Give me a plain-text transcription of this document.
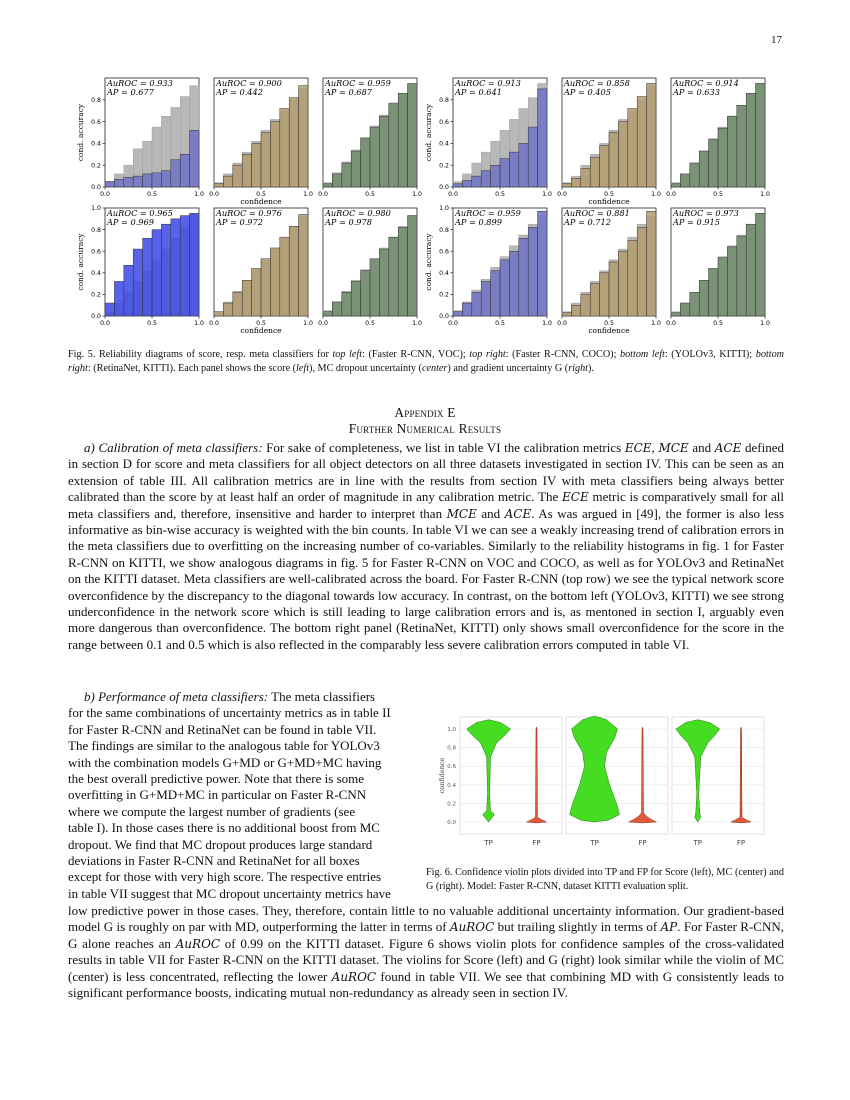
17
AuROC = 0.933
AP = 0.677
0.0	0.5	1.0
0.0
0.2
0.4
0.6
0.8
cond. accuracy
AuROC = 0.900
AP = 0.442
0.0	0.5	1.0
confidence
AuROC = 0.959
AP = 0.687
0.0	0.5	1.0
AuROC = 0.913
AP = 0.641
0.0	0.5	1.0
0.0
0.2
0.4
0.6
0.8
cond. accuracy
AuROC = 0.858
AP = 0.405
0.0	0.5	1.0
confidence
AuROC = 0.914
AP = 0.633
0.0	0.5	1.0
AuROC = 0.965
AP = 0.969
0.0	0.5	1.0
0.0
0.2
0.4
0.6
0.8
1.0
cond. accuracy
AuROC = 0.976
AP = 0.972
0.0	0.5	1.0
confidence
AuROC = 0.980
AP = 0.978
0.0	0.5	1.0
AuROC = 0.959
AP = 0.899
0.0	0.5	1.0
0.0
0.2
0.4
0.6
0.8
1.0
cond. accuracy
AuROC = 0.881
AP = 0.712
0.0	0.5	1.0
confidence
AuROC = 0.973
AP = 0.915
0.0	0.5	1.0
Fig. 5. Reliability diagrams of score, resp. meta classifiers for top left: (Faster R-CNN, VOC); top right: (Faster R-CNN, COCO); bottom left: (YOLOv3, KITTI); bottom right: (RetinaNet, KITTI). Each panel shows the score (left), MC dropout uncertainty (center) and gradient uncertainty G (right).
Appendix E
Further Numerical Results

a) Calibration of meta classifiers: For sake of completeness, we list in table VI the calibration metrics ECE, MCE and ACE defined in section D for score and meta classifiers for all object detectors on all three datasets investigated in section IV. This can be seen as an extension of table III. All calibration metrics are in line with the results from section IV with meta classifiers being always better calibrated than the score by at least half an order of magnitude in any calibration metric. The ECE metric is comparatively small for all meta classifiers and, therefore, insensitive and harder to interpret than MCE and ACE. As was argued in [49], the former is also less informative as bin-wise accuracy is weighted with the bin counts. In table VI we can see a weakly increasing trend of calibration errors in the meta classifiers due to overfitting on the increasing number of co-variables. Similarly to the reliability histograms in fig. 1 for Faster R-CNN on KITTI, we show analogous diagrams in fig. 5 for Faster R-CNN on VOC and COCO, as well as for YOLOv3 and RetinaNet on the KITTI dataset. Meta classifiers are well-calibrated across the board. For Faster R-CNN (top row) we see the typical network score overconfidence by the discrepancy to the diagonal towards low accuracy. In contrast, on the bottom left (YOLOv3, KITTI) we see strong underconfidence in the network score which is still leading to large calibration errors and is, as mentoned in section I, arguably even more dangerous than overconfidence. The bottom right panel (RetinaNet, KITTI) only shows small overconfidence for the score in the range between 0.1 and 0.5 which is also reflected in the comparably less severe calibration errors computed in table VI.

b) Performance of meta classifiers: The meta classifiers
for the same combinations of uncertainty metrics as in table II
for Faster R-CNN and RetinaNet can be found in table VII.
The findings are similar to the analogous table for YOLOv3
with the combination models G+MD or G+MD+MC having
the best overall predictive power. Note that there is some
overfitting in G+MD+MC in particular on Faster R-CNN
where we compute the largest number of gradients (see
table I). In those cases there is no additional boost from MC
dropout. We find that MC dropout produces large standard
deviations in Faster R-CNN and RetinaNet for all boxes
except for those with very high score. The respective entries
in table VII suggest that MC dropout uncertainty metrics have

low predictive power in those cases. They, therefore, contain little to no valuable additional uncertainty information. Our gradient-based model G is roughly on par with MD, outperforming the latter in terms of AuROC but trailing slightly in terms of AP. For Faster R-CNN, G alone reaches an AuROC of 0.99 on the KITTI dataset. Figure 6 shows violin plots for confidence samples of the cross-validated results in table VII for Faster R-CNN on the KITTI dataset. The violins for Score (left) and G (right) look similar while the violin of MC (center) is less concentrated, reflecting the lower AuROC found in table VII. We see that combining MD with G consistently leads to significant performance boosts, indicating mutual non-redundancy as already seen in section IV.

0.0
0.2
0.4
0.6
0.8
1.0
confidence
TP	FP	TP	FP	TP	FP
Fig. 6. Confidence violin plots divided into TP and FP for Score (left), MC (center) and G (right). Model: Faster R-CNN, dataset KITTI evaluation split.
